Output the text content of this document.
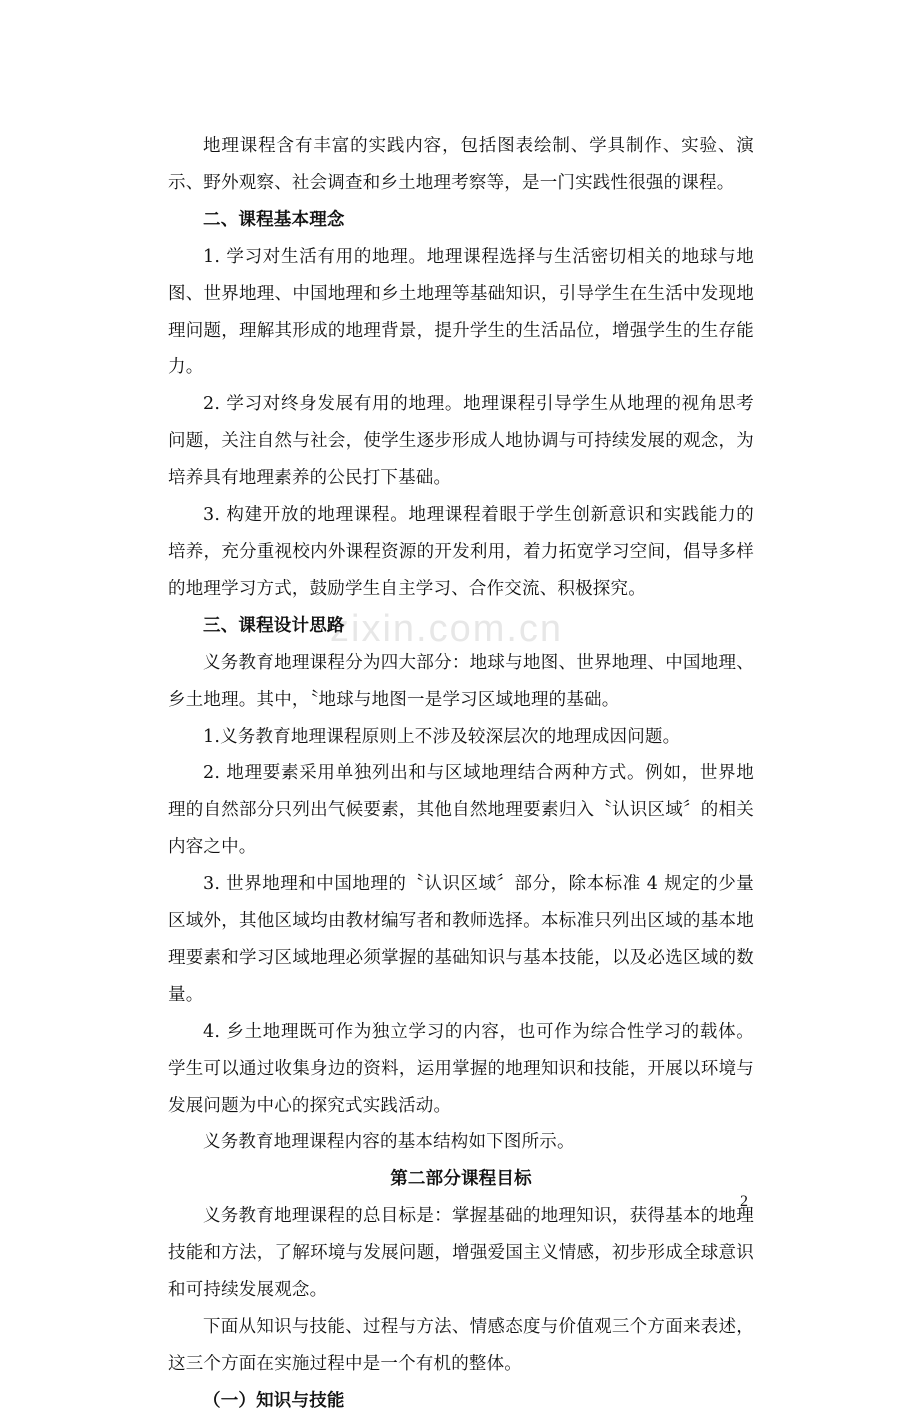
zixin.com.cn

地理课程含有丰富的实践内容，包括图表绘制、学具制作、实验、演示、野外观察、社会调查和乡土地理考察等，是一门实践性很强的课程。

二、课程基本理念

1. 学习对生活有用的地理。地理课程选择与生活密切相关的地球与地图、世界地理、中国地理和乡土地理等基础知识，引导学生在生活中发现地理问题，理解其形成的地理背景，提升学生的生活品位，增强学生的生存能力。

2. 学习对终身发展有用的地理。地理课程引导学生从地理的视角思考问题，关注自然与社会，使学生逐步形成人地协调与可持续发展的观念，为培养具有地理素养的公民打下基础。

3. 构建开放的地理课程。地理课程着眼于学生创新意识和实践能力的培养，充分重视校内外课程资源的开发利用，着力拓宽学习空间，倡导多样的地理学习方式，鼓励学生自主学习、合作交流、积极探究。

三、课程设计思路

义务教育地理课程分为四大部分：地球与地图、世界地理、中国地理、乡土地理。其中，〝地球与地图一是学习区域地理的基础。

1.义务教育地理课程原则上不涉及较深层次的地理成因问题。

2. 地理要素采用单独列出和与区域地理结合两种方式。例如，世界地理的自然部分只列出气候要素，其他自然地理要素归入〝认识区域〞的相关内容之中。

3. 世界地理和中国地理的〝认识区域〞部分，除本标准 4 规定的少量区域外，其他区域均由教材编写者和教师选择。本标准只列出区域的基本地理要素和学习区域地理必须掌握的基础知识与基本技能，以及必选区域的数量。

4. 乡土地理既可作为独立学习的内容，也可作为综合性学习的载体。学生可以通过收集身边的资料，运用掌握的地理知识和技能，开展以环境与发展问题为中心的探究式实践活动。

义务教育地理课程内容的基本结构如下图所示。

第二部分课程目标

义务教育地理课程的总目标是：掌握基础的地理知识，获得基本的地理技能和方法，了解环境与发展问题，增强爱国主义情感，初步形成全球意识和可持续发展观念。

下面从知识与技能、过程与方法、情感态度与价值观三个方面来表述，这三个方面在实施过程中是一个有机的整体。

（一）知识与技能

2
